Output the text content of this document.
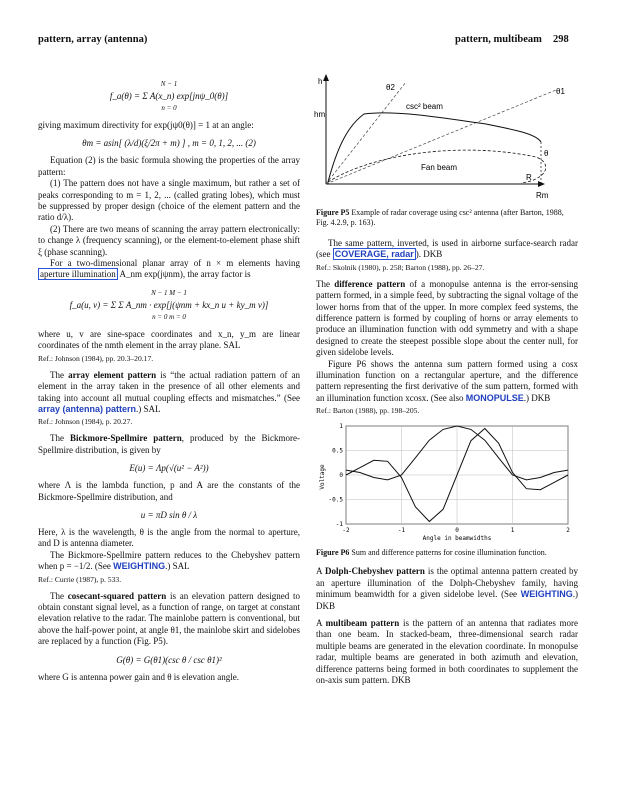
pattern, array (antenna)	pattern, multibeam 298
N − 1
f_a(θ) = Σ A(x_n) exp[jnψ_0(θ)]
n = 0

giving maximum directivity for exp(jψ0(θ)] = 1 at an angle:

θm = asin[ (λ/d)(ξ/2π + m) ] , m = 0, 1, 2, ... (2)

Equation (2) is the basic formula showing the properties of the array pattern:

(1) The pattern does not have a single maximum, but rather a set of peaks corresponding to m = 1, 2, ... (called grating lobes), which must be suppressed by proper design (choice of the element pattern and the ratio d/λ).

(2) There are two means of scanning the array pattern electronically: to change λ (frequency scanning), or the element-to-element phase shift ξ (phase scanning).

For a two-dimensional planar array of n × m elements having aperture illumination A_nm exp(jψnm), the array factor is

N − 1 M − 1
f_a(u, v) = Σ Σ A_nm · exp[j(ψnm + kx_n u + ky_m v)]
n = 0 m = 0

where u, v are sine-space coordinates and x_n, y_m are linear coordinates of the nmth element in the array plane. SAL

Ref.: Johnson (1984), pp. 20.3–20.17.

The array element pattern is “the actual radiation pattern of an element in the array taken in the presence of all other elements and taking into account all mutual coupling effects and mismatches.” (See array (antenna) pattern.) SAL

Ref.: Johnson (1984), p. 20.27.

The Bickmore-Spellmire pattern, produced by the Bickmore-Spellmire distribution, is given by

E(u) = Λp(√(u² − A²))

where Λ is the lambda function, p and A are the constants of the Bickmore-Spellmire distribution, and

u = πD sin θ / λ

Here, λ is the wavelength, θ is the angle from the normal to aperture, and D is antenna diameter.

The Bickmore-Spellmire pattern reduces to the Chebyshev pattern when p = −1/2. (See WEIGHTING.) SAL

Ref.: Currie (1987), p. 533.

The cosecant-squared pattern is an elevation pattern designed to obtain constant signal level, as a function of range, on target at constant elevation relative to the radar. The mainlobe pattern is conventional, but above the half-power point, at angle θ1, the mainlobe skirt and sidelobes are replaced by a function (Fig. P5).

G(θ) = G(θ1)(csc θ / csc θ1)²

where G is antenna power gain and θ is elevation angle.

h
hm
θ2	θ1
csc² beam
θ
Fan beam
R
Rm

Figure P5 Example of radar coverage using csc² antenna (after Barton, 1988, Fig. 4.2.9, p. 163).

The same pattern, inverted, is used in airborne surface-search radar (see COVERAGE, radar ). DKB

Ref.: Skolnik (1980), p. 258; Barton (1988), pp. 26–27.

The difference pattern of a monopulse antenna is the error-sensing pattern formed, in a simple feed, by subtracting the signal voltage of the lower horns from that of the upper. In more complex feed systems, the difference pattern is formed by coupling of horns or array elements to produce an illumination function with odd symmetry and with a shape designed to create the steepest possible slope about the center null, for given sidelobe levels.

Figure P6 shows the antenna sum pattern formed using a cosx illumination function on a rectangular aperture, and the difference pattern representing the first derivative of the sum pattern, formed with an illumination function xcosx. (See also MONOPULSE.) DKB

Ref.: Barton (1988), pp. 198–205.

-2	-1	0	1	2
1
0.5
0
-0.5
-1
Voltage
Angle in beamwidths

Figure P6 Sum and difference patterns for cosine illumination function.

A Dolph-Chebyshev pattern is the optimal antenna pattern created by an aperture illumination of the Dolph-Chebyshev family, having minimum beamwidth for a given sidelobe level. (See WEIGHTING.) DKB

A multibeam pattern is the pattern of an antenna that radiates more than one beam. In stacked-beam, three-dimensional search radar multiple beams are generated in the elevation coordinate. In monopulse radar, multiple beams are generated in both azimuth and elevation, difference patterns being formed in both coordinates to supplement the on-axis sum pattern. DKB
